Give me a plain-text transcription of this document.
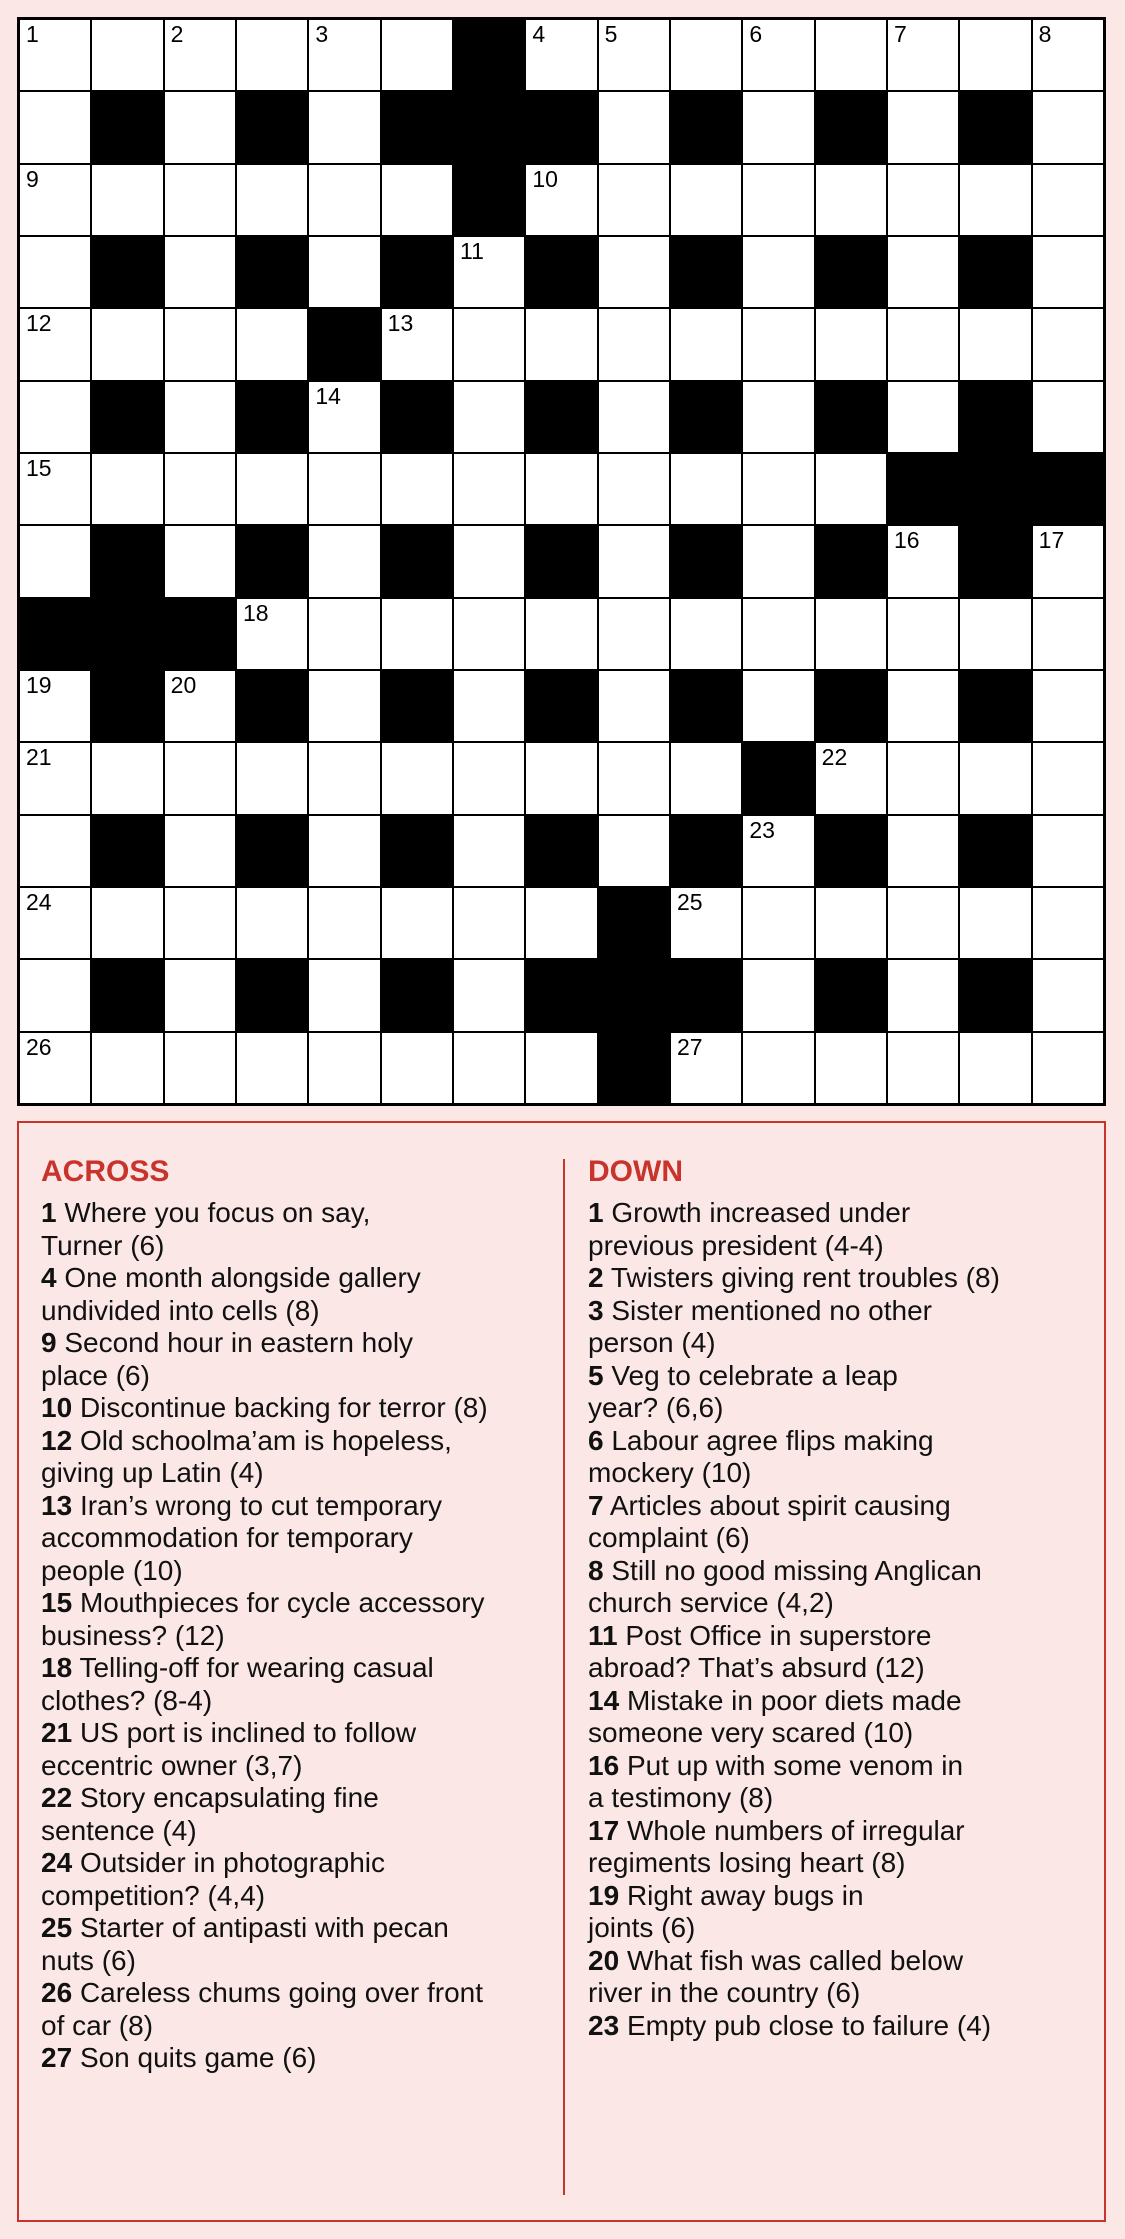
1	2	3	4	5	6	7	8
9	10
11
12	13
14
15
16	17
18
19	20
21	22
23
24	25
26	27
ACROSS
1 Where you focus on say,
Turner (6)
4 One month alongside gallery
undivided into cells (8)
9 Second hour in eastern holy
place (6)
10 Discontinue backing for terror (8)
12 Old schoolma’am is hopeless,
giving up Latin (4)
13 Iran’s wrong to cut temporary
accommodation for temporary
people (10)
15 Mouthpieces for cycle accessory
business? (12)
18 Telling-off for wearing casual
clothes? (8-4)
21 US port is inclined to follow
eccentric owner (3,7)
22 Story encapsulating fine
sentence (4)
24 Outsider in photographic
competition? (4,4)
25 Starter of antipasti with pecan
nuts (6)
26 Careless chums going over front
of car (8)
27 Son quits game (6)
DOWN
1 Growth increased under
previous president (4-4)
2 Twisters giving rent troubles (8)
3 Sister mentioned no other
person (4)
5 Veg to celebrate a leap
year? (6,6)
6 Labour agree flips making
mockery (10)
7 Articles about spirit causing
complaint (6)
8 Still no good missing Anglican
church service (4,2)
11 Post Office in superstore
abroad? That’s absurd (12)
14 Mistake in poor diets made
someone very scared (10)
16 Put up with some venom in
a testimony (8)
17 Whole numbers of irregular
regiments losing heart (8)
19 Right away bugs in
joints (6)
20 What fish was called below
river in the country (6)
23 Empty pub close to failure (4)
